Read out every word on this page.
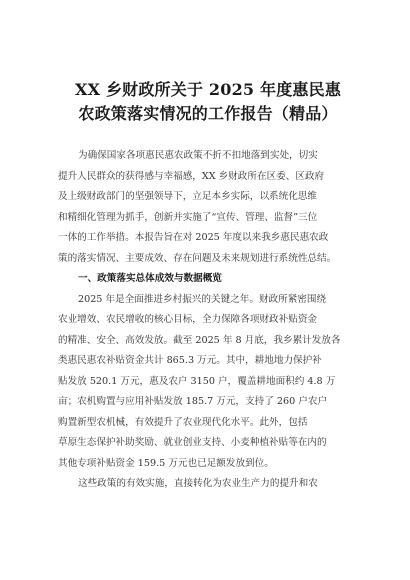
XX 乡财政所关于 2025 年度惠民惠
农政策落实情况的工作报告（精品）
为确保国家各项惠民惠农政策不折不扣地落到实处，切实
提升人民群众的获得感与幸福感，XX 乡财政所在区委、区政府
及上级财政部门的坚强领导下，立足本乡实际，以系统化思维
和精细化管理为抓手，创新并实施了“宣传、管理、监督”三位
一体的工作举措。本报告旨在对 2025 年度以来我乡惠民惠农政
策的落实情况、主要成效、存在问题及未来规划进行系统性总结。
一、政策落实总体成效与数据概览
2025 年是全面推进乡村振兴的关键之年。财政所紧密围绕
农业增效、农民增收的核心目标，全力保障各项财政补贴资金
的精准、安全、高效发放。截至 2025 年 8 月底，我乡累计发放各
类惠民惠农补贴资金共计 865.3 万元。其中，耕地地力保护补
贴发放 520.1 万元，惠及农户 3150 户，覆盖耕地面积约 4.8 万
亩；农机购置与应用补贴发放 185.7 万元，支持了 260 户农户
购置新型农机械，有效提升了农业现代化水平。此外，包括
草原生态保护补助奖励、就业创业支持、小麦种植补贴等在内的
其他专项补贴资金 159.5 万元也已足额发放到位。
这些政策的有效实施，直接转化为农业生产力的提升和农
